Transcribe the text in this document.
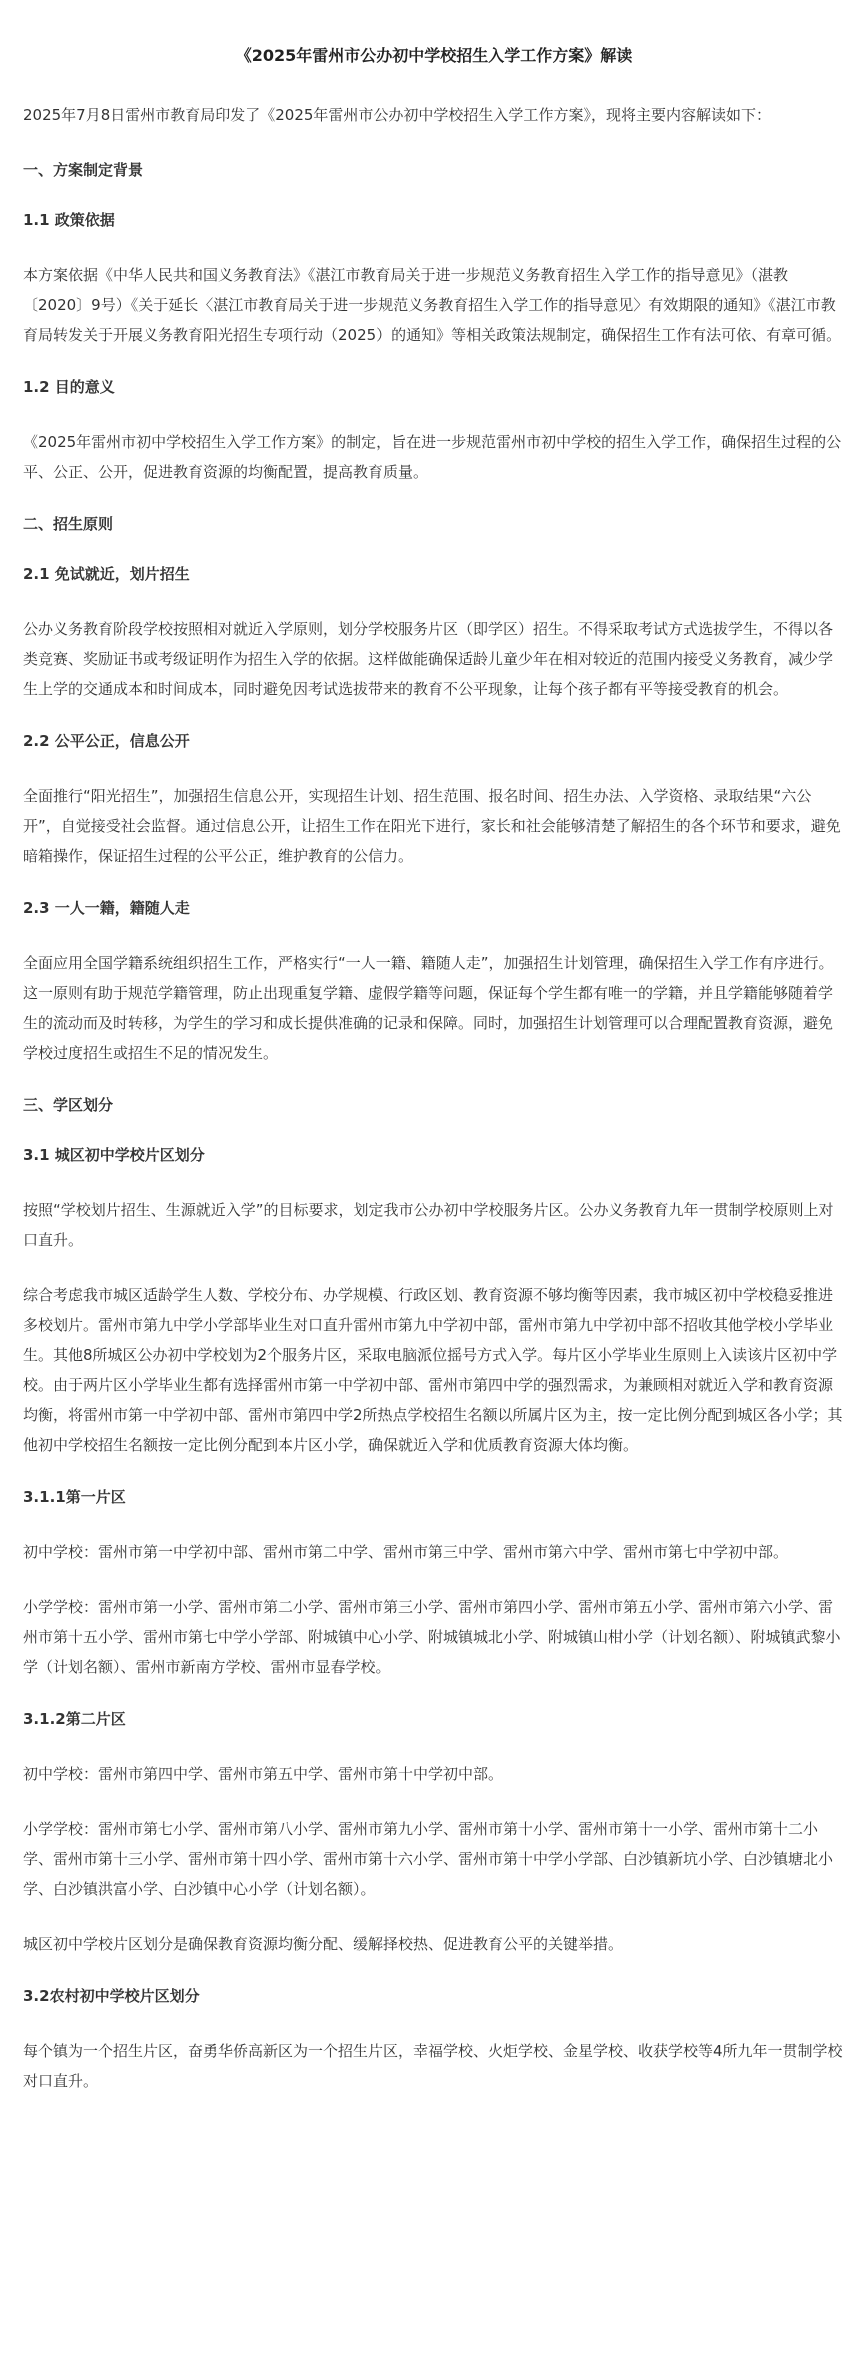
《2025年雷州市公办初中学校招生入学工作方案》解读

2025年7月8日雷州市教育局印发了《2025年雷州市公办初中学校招生入学工作方案》，现将主要内容解读如下：

一、方案制定背景
1.1 政策依据

本方案依据《中华人民共和国义务教育法》《湛江市教育局关于进一步规范义务教育招生入学工作的指导意见》（湛教〔2020〕9号）《关于延长〈湛江市教育局关于进一步规范义务教育招生入学工作的指导意见〉有效期限的通知》《湛江市教育局转发关于开展义务教育阳光招生专项行动（2025）的通知》等相关政策法规制定，确保招生工作有法可依、有章可循。

1.2 目的意义

《2025年雷州市初中学校招生入学工作方案》的制定，旨在进一步规范雷州市初中学校的招生入学工作，确保招生过程的公平、公正、公开，促进教育资源的均衡配置，提高教育质量。

二、招生原则
2.1 免试就近，划片招生

公办义务教育阶段学校按照相对就近入学原则，划分学校服务片区（即学区）招生。不得采取考试方式选拔学生，不得以各类竞赛、奖励证书或考级证明作为招生入学的依据。这样做能确保适龄儿童少年在相对较近的范围内接受义务教育，减少学生上学的交通成本和时间成本，同时避免因考试选拔带来的教育不公平现象，让每个孩子都有平等接受教育的机会。

2.2 公平公正，信息公开

全面推行“阳光招生”，加强招生信息公开，实现招生计划、招生范围、报名时间、招生办法、入学资格、录取结果“六公开”，自觉接受社会监督。通过信息公开，让招生工作在阳光下进行，家长和社会能够清楚了解招生的各个环节和要求，避免暗箱操作，保证招生过程的公平公正，维护教育的公信力。

2.3 一人一籍，籍随人走

全面应用全国学籍系统组织招生工作，严格实行“一人一籍、籍随人走”，加强招生计划管理，确保招生入学工作有序进行。这一原则有助于规范学籍管理，防止出现重复学籍、虚假学籍等问题，保证每个学生都有唯一的学籍，并且学籍能够随着学生的流动而及时转移，为学生的学习和成长提供准确的记录和保障。同时，加强招生计划管理可以合理配置教育资源，避免学校过度招生或招生不足的情况发生。

三、学区划分
3.1 城区初中学校片区划分

按照“学校划片招生、生源就近入学”的目标要求，划定我市公办初中学校服务片区。公办义务教育九年一贯制学校原则上对口直升。

综合考虑我市城区适龄学生人数、学校分布、办学规模、行政区划、教育资源不够均衡等因素，我市城区初中学校稳妥推进多校划片。雷州市第九中学小学部毕业生对口直升雷州市第九中学初中部，雷州市第九中学初中部不招收其他学校小学毕业生。其他8所城区公办初中学校划为2个服务片区，采取电脑派位摇号方式入学。每片区小学毕业生原则上入读该片区初中学校。由于两片区小学毕业生都有选择雷州市第一中学初中部、雷州市第四中学的强烈需求，为兼顾相对就近入学和教育资源均衡，将雷州市第一中学初中部、雷州市第四中学2所热点学校招生名额以所属片区为主，按一定比例分配到城区各小学；其他初中学校招生名额按一定比例分配到本片区小学，确保就近入学和优质教育资源大体均衡。

3.1.1第一片区

初中学校：雷州市第一中学初中部、雷州市第二中学、雷州市第三中学、雷州市第六中学、雷州市第七中学初中部。

小学学校：雷州市第一小学、雷州市第二小学、雷州市第三小学、雷州市第四小学、雷州市第五小学、雷州市第六小学、雷州市第十五小学、雷州市第七中学小学部、附城镇中心小学、附城镇城北小学、附城镇山柑小学（计划名额）、附城镇武黎小学（计划名额）、雷州市新南方学校、雷州市显春学校。

3.1.2第二片区

初中学校：雷州市第四中学、雷州市第五中学、雷州市第十中学初中部。

小学学校：雷州市第七小学、雷州市第八小学、雷州市第九小学、雷州市第十小学、雷州市第十一小学、雷州市第十二小学、雷州市第十三小学、雷州市第十四小学、雷州市第十六小学、雷州市第十中学小学部、白沙镇新坑小学、白沙镇塘北小学、白沙镇洪富小学、白沙镇中心小学（计划名额）。

城区初中学校片区划分是确保教育资源均衡分配、缓解择校热、促进教育公平的关键举措。

3.2农村初中学校片区划分

每个镇为一个招生片区，奋勇华侨高新区为一个招生片区，幸福学校、火炬学校、金星学校、收获学校等4所九年一贯制学校对口直升。
